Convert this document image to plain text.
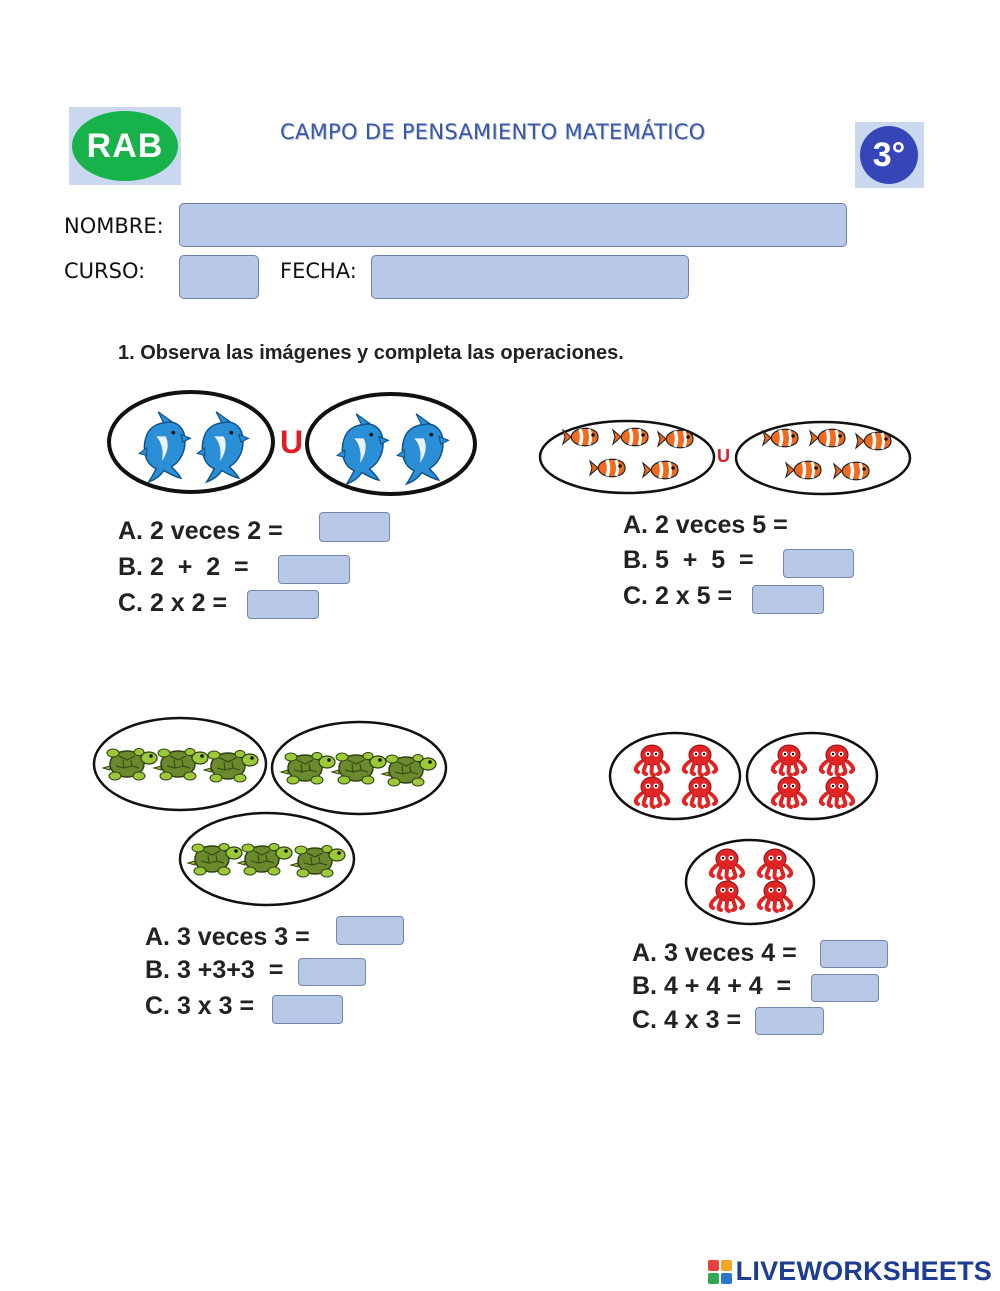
RAB	CAMPO DE PENSAMIENTO MATEMÁTICO
3°
NOMBRE:
CURSO:	FECHA:
1. Observa las imágenes y completa las operaciones.
U
A. 2 veces 2 =
B. 2  +  2  =
C. 2 x 2 =
U
A. 2 veces 5 =
B. 5  +  5  =
C. 2 x 5 =
A. 3 veces 3 =
B. 3 +3+3  =
C. 3 x 3 =
A. 3 veces 4 =
B. 4 + 4 + 4  =
C. 4 x 3 =
LIVEWORKSHEETS
